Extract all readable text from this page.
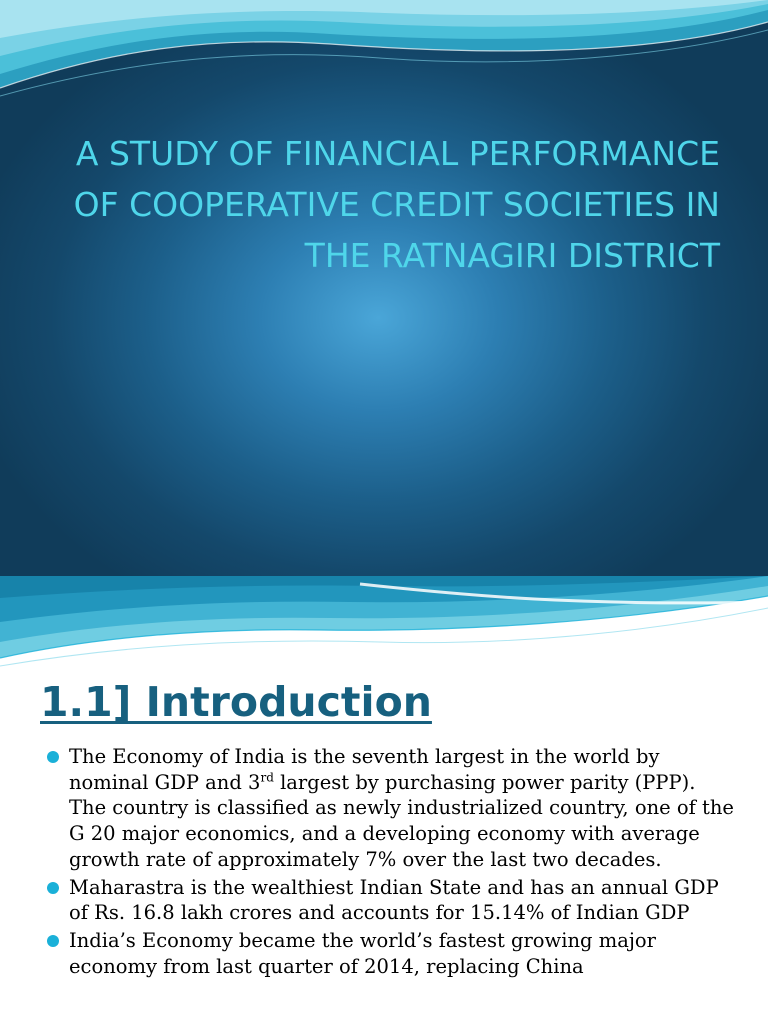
A STUDY OF FINANCIAL PERFORMANCE OF COOPERATIVE CREDIT SOCIETIES IN THE RATNAGIRI DISTRICT
1.1] Introduction
The Economy of India is the seventh largest in the world by nominal GDP and 3rd largest by purchasing power parity (PPP). The country is classified as newly industrialized country, one of the G 20 major economics, and a developing economy with average growth rate of approximately 7% over the last two decades.
Maharastra is the wealthiest Indian State and has an annual GDP of Rs. 16.8 lakh crores and accounts for 15.14% of Indian GDP
India’s Economy became the world’s fastest growing major economy from last quarter of 2014, replacing China
